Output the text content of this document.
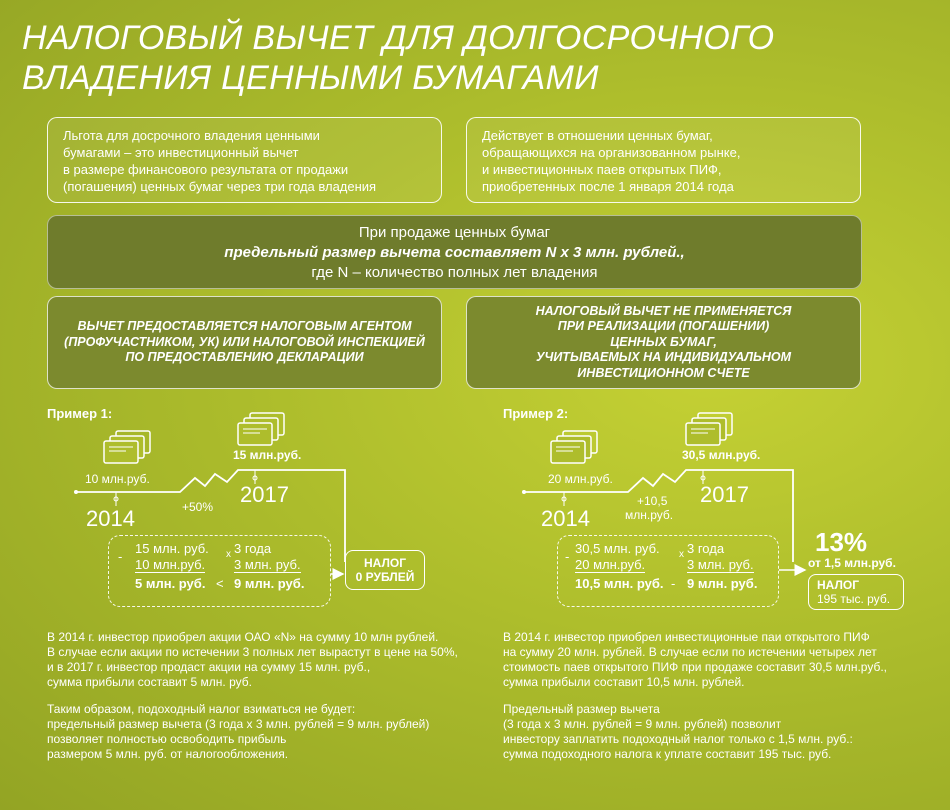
НАЛОГОВЫЙ ВЫЧЕТ ДЛЯ ДОЛГОСРОЧНОГО
ВЛАДЕНИЯ ЦЕННЫМИ БУМАГАМИ
Льгота для досрочного владения ценными
бумагами – это инвестиционный вычет
в размере финансового результата от продажи
(погашения) ценных бумаг через три года владения
Действует в отношении ценных бумаг,
обращающихся на организованном рынке,
и инвестиционных паев открытых ПИФ,
приобретенных после 1 января 2014 года
При продаже ценных бумаг
предельный размер вычета составляет N x 3 млн. рублей.,
где N – количество полных лет владения
ВЫЧЕТ ПРЕДОСТАВЛЯЕТСЯ НАЛОГОВЫМ АГЕНТОМ
(ПРОФУЧАСТНИКОМ, УК) ИЛИ НАЛОГОВОЙ ИНСПЕКЦИЕЙ
ПО ПРЕДОСТАВЛЕНИЮ ДЕКЛАРАЦИИ
НАЛОГОВЫЙ ВЫЧЕТ НЕ ПРИМЕНЯЕТСЯ
ПРИ РЕАЛИЗАЦИИ (ПОГАШЕНИИ)
ЦЕННЫХ БУМАГ,
УЧИТЫВАЕМЫХ НА ИНДИВИДУАЛЬНОМ
ИНВЕСТИЦИОННОМ СЧЕТЕ
Пример 1:
10 млн.руб.
15 млн.руб.
2014
2017
+50%
-
15 млн. руб.
10 млн.руб.
5 млн. руб. <
x 3 года
3 млн. руб.
9 млн. руб.
НАЛОГ
0 РУБЛЕЙ
В 2014 г. инвестор приобрел акции ОАО «N» на сумму 10 млн рублей.
В случае если акции по истечении 3 полных лет вырастут в цене на 50%,
и в 2017 г. инвестор продаст акции на сумму 15 млн. руб.,
сумма прибыли составит 5 млн. руб.
Таким образом, подоходный налог взиматься не будет:
предельный размер вычета (3 года х 3 млн. рублей = 9 млн. рублей)
позволяет полностью освободить прибыль
размером 5 млн. руб. от налогообложения.
Пример 2:
20 млн.руб.
30,5 млн.руб.
2014
2017
+10,5
млн.руб.
-
30,5 млн. руб.
20 млн.руб.
10,5 млн. руб. -
x 3 года
3 млн. руб.
9 млн. руб.
13%
от 1,5 млн.руб.
НАЛОГ
195 тыс. руб.
В 2014 г. инвестор приобрел инвестиционные паи открытого ПИФ
на сумму 20 млн. рублей. В случае если по истечении четырех лет
стоимость паев открытого ПИФ при продаже составит 30,5 млн.руб.,
сумма прибыли составит 10,5 млн. рублей.
Предельный размер вычета
(3 года х 3 млн. рублей = 9 млн. рублей) позволит
инвестору заплатить подоходный налог только с 1,5 млн. руб.:
сумма подоходного налога к уплате составит 195 тыс. руб.
